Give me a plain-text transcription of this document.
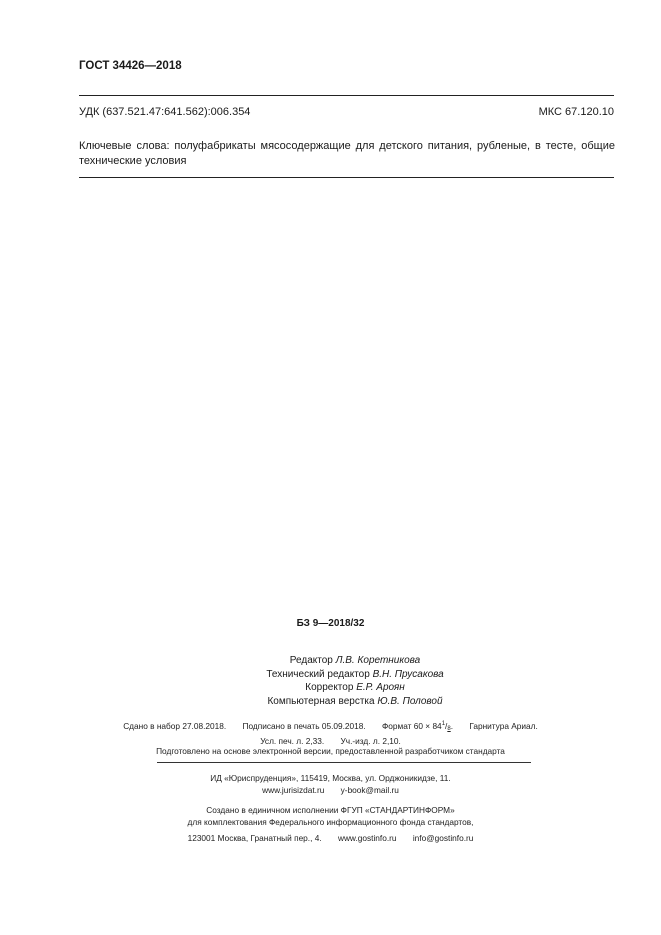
ГОСТ 34426—2018
УДК (637.521.47:641.562):006.354	МКС 67.120.10
Ключевые слова: полуфабрикаты мясосодержащие для детского питания, рубленые, в тесте, общие
технические условия
БЗ 9—2018/32
Редактор Л.В. Коретникова
Технический редактор В.Н. Прусакова
Корректор Е.Р. Ароян
Компьютерная верстка Ю.В. Половой
Сдано в набор 27.08.2018. Подписано в печать 05.09.2018. Формат $60 \times 84^1/_8$. Гарнитура Ариал.
Усл. печ. л. 2,33. Уч.-изд. л. 2,10.
Подготовлено на основе электронной версии, предоставленной разработчиком стандарта
ИД «Юриспруденция», 115419, Москва, ул. Орджоникидзе, 11.
www.jurisizdat.ru y-book@mail.ru
Создано в единичном исполнении ФГУП «СТАНДАРТИНФОРМ»
для комплектования Федерального информационного фонда стандартов,
123001 Москва, Гранатный пер., 4. www.gostinfo.ru info@gostinfo.ru
